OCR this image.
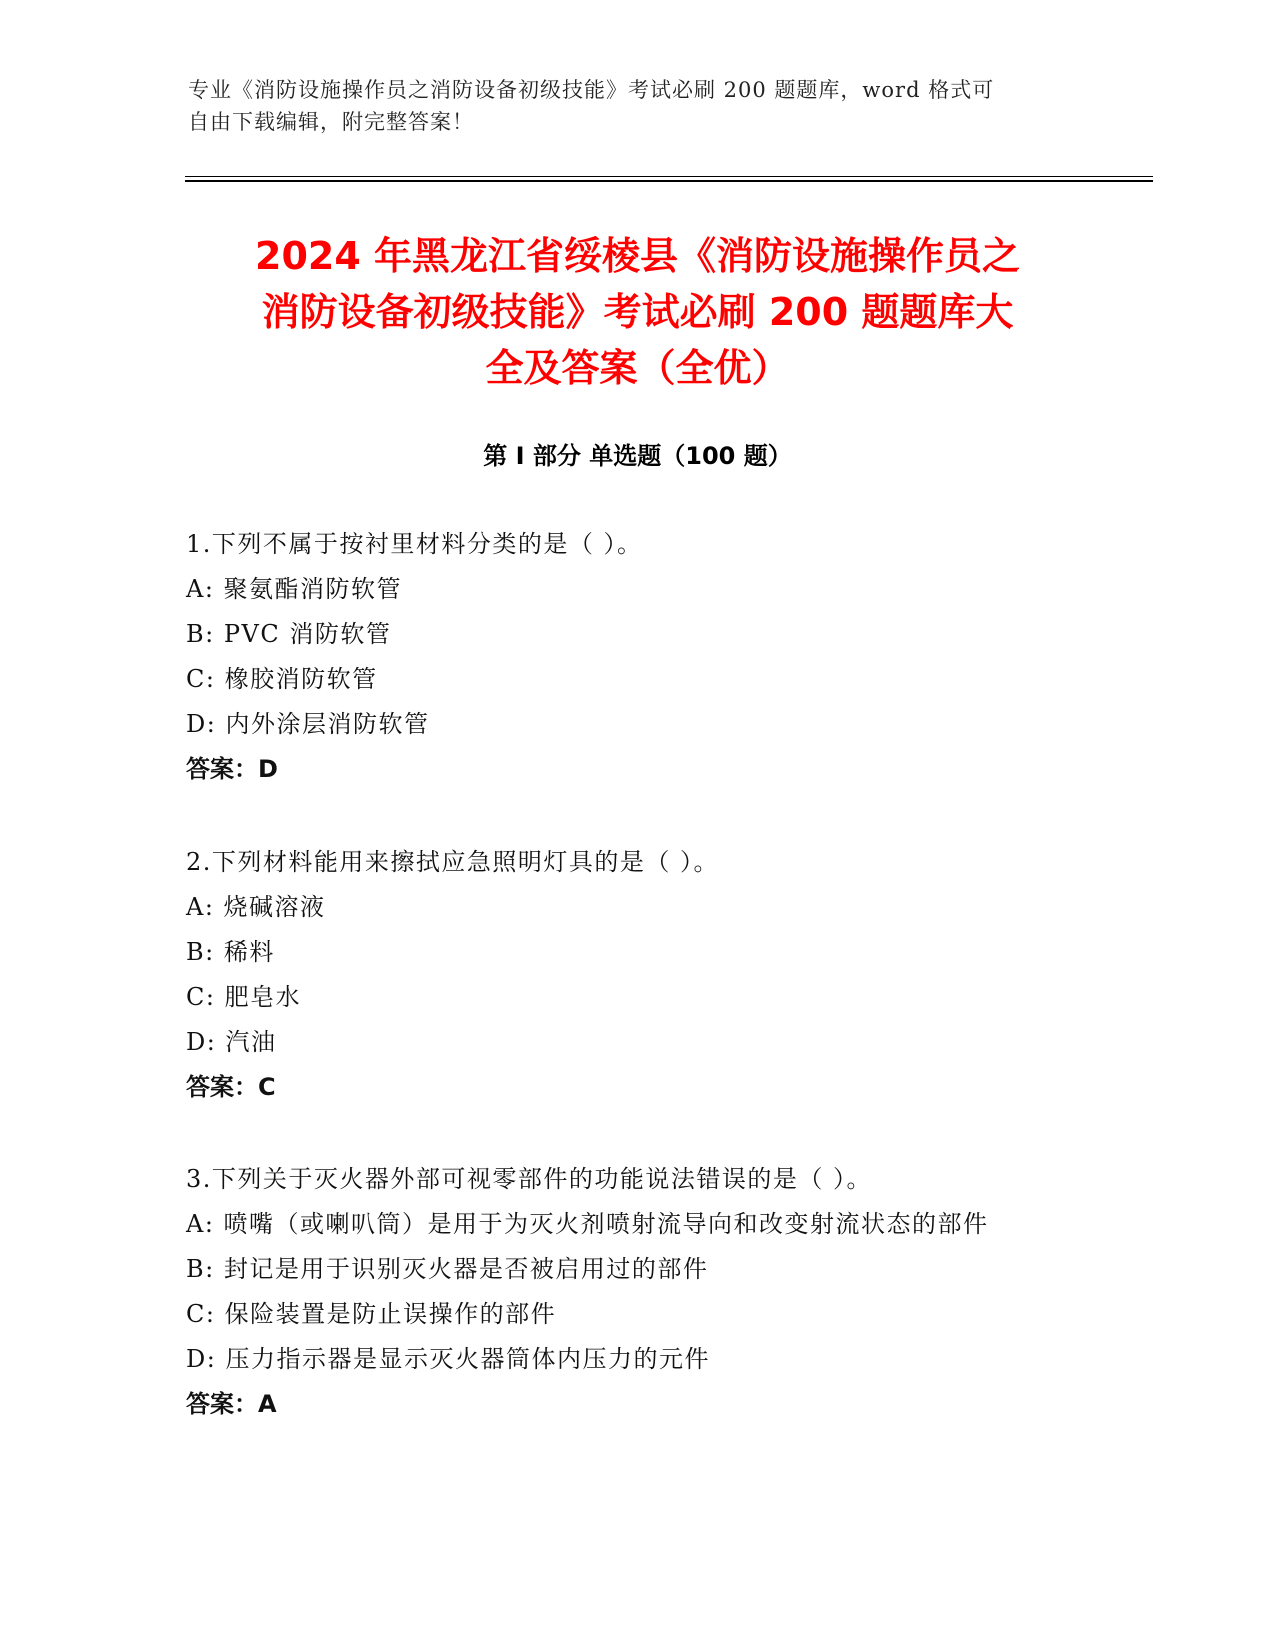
专业《消防设施操作员之消防设备初级技能》考试必刷 200 题题库，word 格式可
自由下载编辑，附完整答案！
2024 年黑龙江省绥棱县《消防设施操作员之
消防设备初级技能》考试必刷 200 题题库大
全及答案（全优）
第 I 部分 单选题（100 题）
1.下列不属于按衬里材料分类的是（ ）。
A: 聚氨酯消防软管
B: PVC 消防软管
C: 橡胶消防软管
D: 内外涂层消防软管
答案：D
2.下列材料能用来擦拭应急照明灯具的是（ ）。
A: 烧碱溶液
B: 稀料
C: 肥皂水
D: 汽油
答案：C
3.下列关于灭火器外部可视零部件的功能说法错误的是（ ）。
A: 喷嘴（或喇叭筒）是用于为灭火剂喷射流导向和改变射流状态的部件
B: 封记是用于识别灭火器是否被启用过的部件
C: 保险装置是防止误操作的部件
D: 压力指示器是显示灭火器筒体内压力的元件
答案：A
